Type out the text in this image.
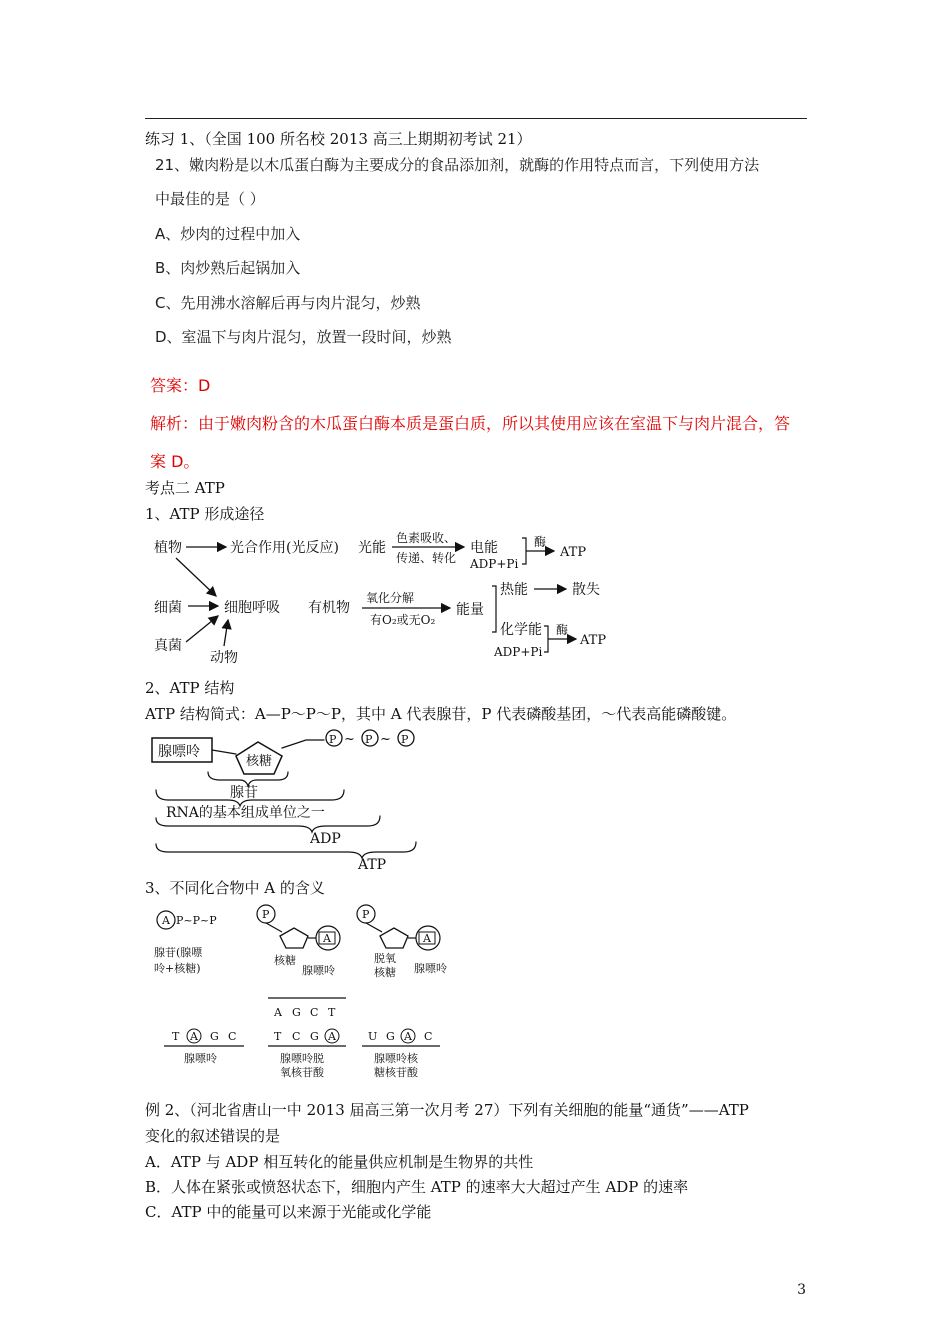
练习 1、（全国 100 所名校 2013 高三上期期初考试 21）
21、嫩肉粉是以木瓜蛋白酶为主要成分的食品添加剂，就酶的作用特点而言，下列使用方法
中最佳的是（ ）
A、炒肉的过程中加入
B、肉炒熟后起锅加入
C、先用沸水溶解后再与肉片混匀，炒熟
D、室温下与肉片混匀，放置一段时间，炒熟
答案：D
解析：由于嫩肉粉含的木瓜蛋白酶本质是蛋白质，所以其使用应该在室温下与肉片混合，答
案 D。
考点二 ATP
1、ATP 形成途径
植物	光合作用(光反应) 光能
色素吸收、
传递、转化
电能
ADP+Pi
酶
ATP
细菌	细胞呼吸
真菌
动物
有机物
氧化分解
有O₂或无O₂
能量
热能	散失
化学能
ADP+Pi
酶
ATP
2、ATP 结构
ATP 结构简式：A—P～P～P，其中 A 代表腺苷，P 代表磷酸基团，～代表高能磷酸键。
腺嘌呤
核糖
P ~ P ~ P
腺苷
RNA的基本组成单位之一
ADP
ATP
3、不同化合物中 A 的含义
A P~P~P
腺苷(腺嘌
呤+核糖)
P
A
核糖
腺嘌呤
P
A
脱氧
核糖 腺嘌呤
A G C T
T A G C
腺嘌呤
T C G A
腺嘌呤脱
氧核苷酸
U G A C
腺嘌呤核
糖核苷酸
例 2、（河北省唐山一中 2013 届高三第一次月考 27）下列有关细胞的能量“通货”——ATP
变化的叙述错误的是
A．ATP 与 ADP 相互转化的能量供应机制是生物界的共性
B．人体在紧张或愤怒状态下，细胞内产生 ATP 的速率大大超过产生 ADP 的速率
C．ATP 中的能量可以来源于光能或化学能
3
